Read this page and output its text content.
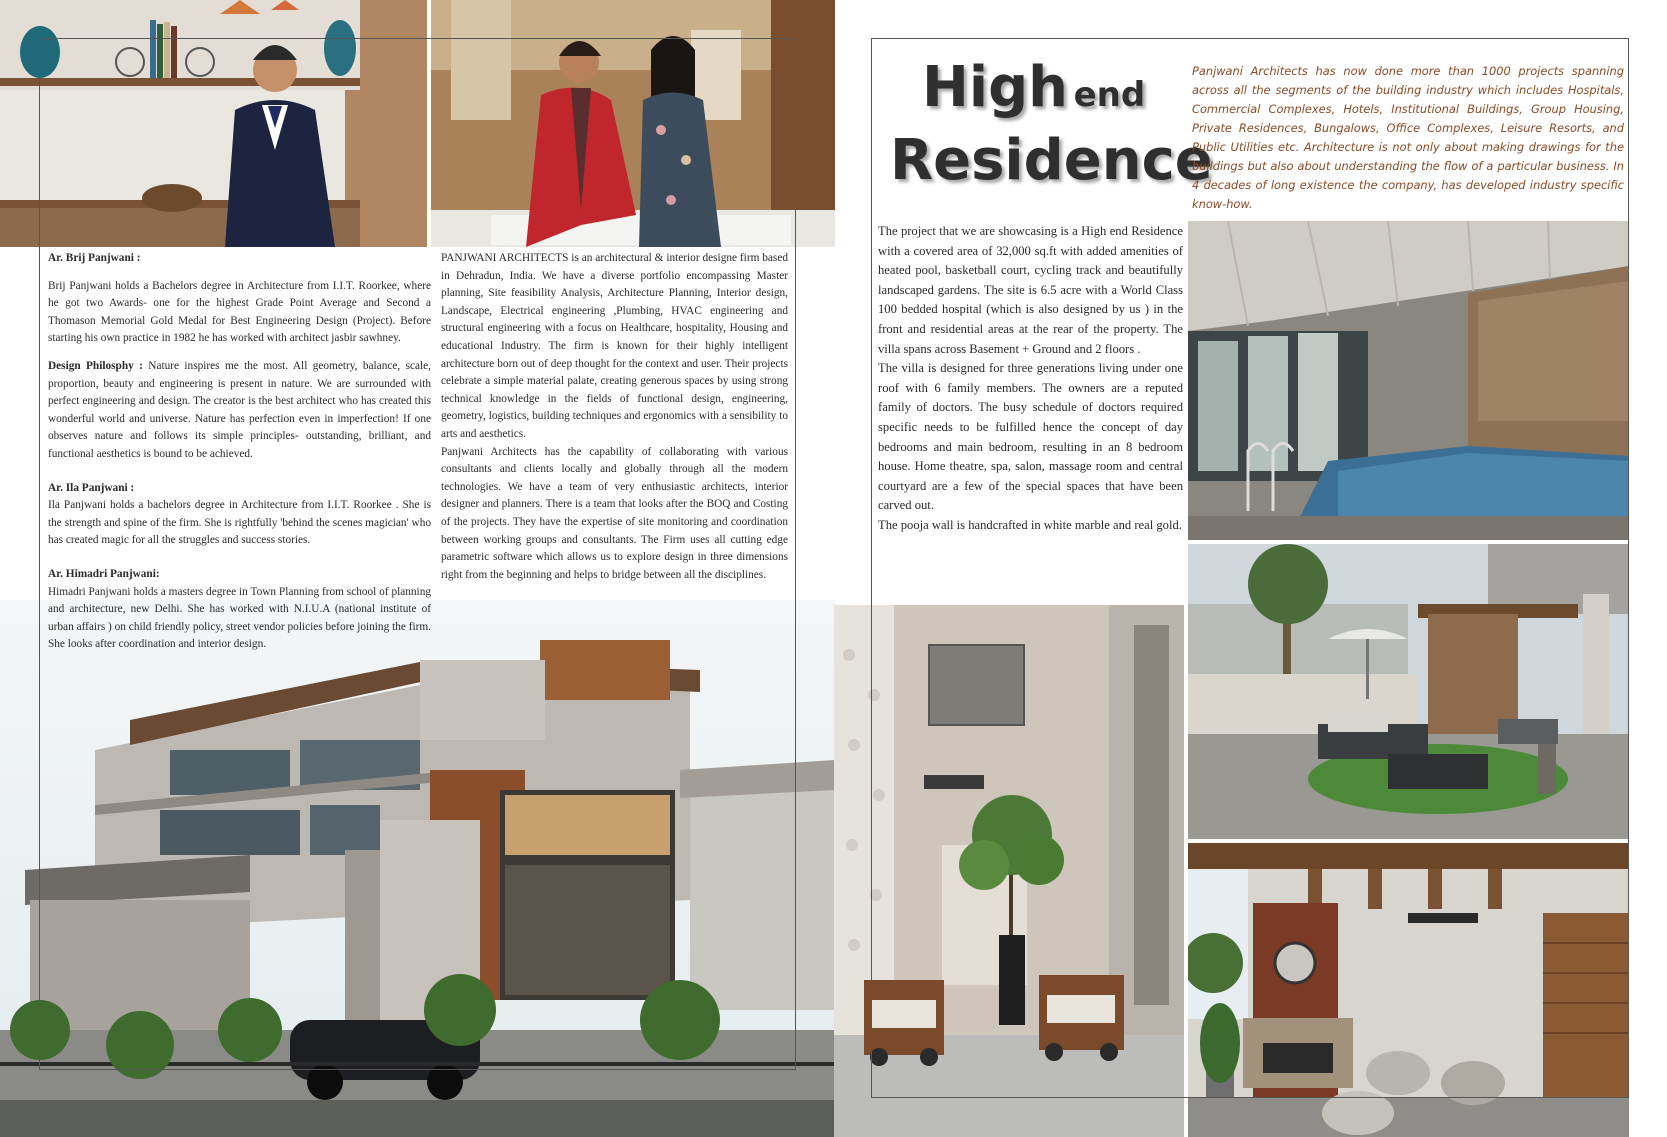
Ar. Brij Panjwani :

Brij Panjwani holds a Bachelors degree in Architecture from I.I.T. Roorkee, where he got two Awards- one for the highest Grade Point Average and Second a Thomason Memorial Gold Medal for Best Engineering Design (Project). Before starting his own practice in 1982 he has worked with architect jasbir sawhney.

Design Philosphy : Nature inspires me the most. All geometry, balance, scale, proportion, beauty and engineering is present in nature. We are surrounded with perfect engineering and design. The creator is the best architect who has created this wonderful world and universe. Nature has perfection even in imperfection! If one observes nature and follows its simple principles- outstanding, brilliant, and functional aesthetics is bound to be achieved.

Ar. Ila Panjwani :

Ila Panjwani holds a bachelors degree in Architecture from I.I.T. Roorkee . She is the strength and spine of the firm. She is rightfully 'behind the scenes magician' who has created magic for all the struggles and success stories.

Ar. Himadri Panjwani:

Himadri Panjwani holds a masters degree in Town Planning from school of planning and architecture, new Delhi. She has worked with N.I.U.A (national institute of urban affairs ) on child friendly policy, street vendor policies before joining the firm. She looks after coordination and interior design.

PANJWANI ARCHITECTS is an architectural & interior designe firm based in Dehradun, India. We have a diverse portfolio encompassing Master planning, Site feasibility Analysis, Architecture Planning, Interior design, Landscape, Electrical engineering ,Plumbing, HVAC engineering and structural engineering with a focus on Healthcare, hospitality, Housing and educational Industry. The firm is known for their highly intelligent architecture born out of deep thought for the context and user. Their projects celebrate a simple material palate, creating generous spaces by using strong technical knowledge in the fields of functional design, engineering, geometry, logistics, building techniques and ergonomics with a sensibility to arts and aesthetics.

Panjwani Architects has the capability of collaborating with various consultants and clients locally and globally through all the modern technologies. We have a team of very enthusiastic architects, interior designer and planners. There is a team that looks after the BOQ and Costing of the projects. They have the expertise of site monitoring and coordination between working groups and consultants. The Firm uses all cutting edge parametric software which allows us to explore design in three dimensions right from the beginning and helps to bridge between all the disciplines.

High end
Residence
Panjwani Architects has now done more than 1000 projects spanning across all the segments of the building industry which includes Hospitals, Commercial Complexes, Hotels, Institutional Buildings, Group Housing, Private Residences, Bungalows, Office Complexes, Leisure Resorts, and Public Utilities etc. Architecture is not only about making drawings for the buildings but also about understanding the flow of a particular business. In 4 decades of long existence the company, has developed industry specific know-how.

The project that we are showcasing is a High end Residence with a covered area of 32,000 sq.ft with added amenities of heated pool, basketball court, cycling track and beautifully landscaped gardens. The site is 6.5 acre with a World Class 100 bedded hospital (which is also designed by us ) in the front and residential areas at the rear of the property. The villa spans across Basement + Ground and 2 floors .

The villa is designed for three generations living under one roof with 6 family members. The owners are a reputed family of doctors. The busy schedule of doctors required specific needs to be fulfilled hence the concept of day bedrooms and main bedroom, resulting in an 8 bedroom house. Home theatre, spa, salon, massage room and central courtyard are a few of the special spaces that have been carved out.

The pooja wall is handcrafted in white marble and real gold.
